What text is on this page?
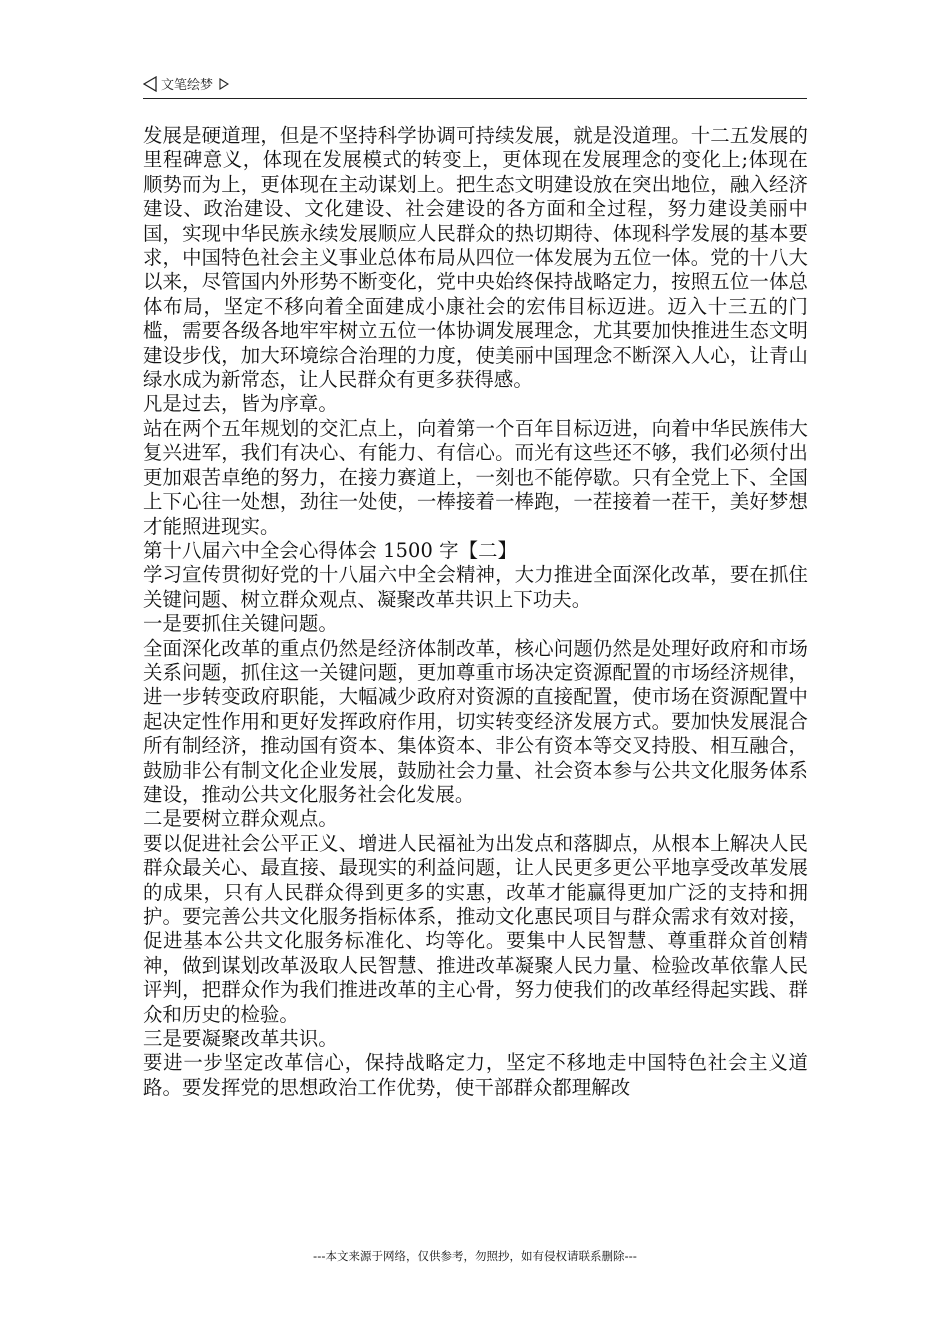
文笔绘梦

发展是硬道理，但是不坚持科学协调可持续发展，就是没道理。十二五发展的里程碑意义，体现在发展模式的转变上，更体现在发展理念的变化上;体现在顺势而为上，更体现在主动谋划上。把生态文明建设放在突出地位，融入经济建设、政治建设、文化建设、社会建设的各方面和全过程，努力建设美丽中国，实现中华民族永续发展顺应人民群众的热切期待、体现科学发展的基本要求，中国特色社会主义事业总体布局从四位一体发展为五位一体。党的十八大以来，尽管国内外形势不断变化，党中央始终保持战略定力，按照五位一体总体布局，坚定不移向着全面建成小康社会的宏伟目标迈进。迈入十三五的门槛，需要各级各地牢牢树立五位一体协调发展理念，尤其要加快推进生态文明建设步伐，加大环境综合治理的力度，使美丽中国理念不断深入人心，让青山绿水成为新常态，让人民群众有更多获得感。

凡是过去，皆为序章。

站在两个五年规划的交汇点上，向着第一个百年目标迈进，向着中华民族伟大复兴进军，我们有决心、有能力、有信心。而光有这些还不够，我们必须付出更加艰苦卓绝的努力，在接力赛道上，一刻也不能停歇。只有全党上下、全国上下心往一处想，劲往一处使，一棒接着一棒跑，一茬接着一茬干，美好梦想才能照进现实。

第十八届六中全会心得体会 1500 字【二】

学习宣传贯彻好党的十八届六中全会精神，大力推进全面深化改革，要在抓住关键问题、树立群众观点、凝聚改革共识上下功夫。

一是要抓住关键问题。

全面深化改革的重点仍然是经济体制改革，核心问题仍然是处理好政府和市场关系问题，抓住这一关键问题，更加尊重市场决定资源配置的市场经济规律，进一步转变政府职能，大幅减少政府对资源的直接配置，使市场在资源配置中起决定性作用和更好发挥政府作用，切实转变经济发展方式。要加快发展混合所有制经济，推动国有资本、集体资本、非公有资本等交叉持股、相互融合，鼓励非公有制文化企业发展，鼓励社会力量、社会资本参与公共文化服务体系建设，推动公共文化服务社会化发展。

二是要树立群众观点。

要以促进社会公平正义、增进人民福祉为出发点和落脚点，从根本上解决人民群众最关心、最直接、最现实的利益问题，让人民更多更公平地享受改革发展的成果，只有人民群众得到更多的实惠，改革才能赢得更加广泛的支持和拥护。要完善公共文化服务指标体系，推动文化惠民项目与群众需求有效对接，促进基本公共文化服务标准化、均等化。要集中人民智慧、尊重群众首创精神，做到谋划改革汲取人民智慧、推进改革凝聚人民力量、检验改革依靠人民评判，把群众作为我们推进改革的主心骨，努力使我们的改革经得起实践、群众和历史的检验。

三是要凝聚改革共识。

要进一步坚定改革信心，保持战略定力，坚定不移地走中国特色社会主义道路。要发挥党的思想政治工作优势，使干部群众都理解改

---本文来源于网络，仅供参考，勿照抄，如有侵权请联系删除---
